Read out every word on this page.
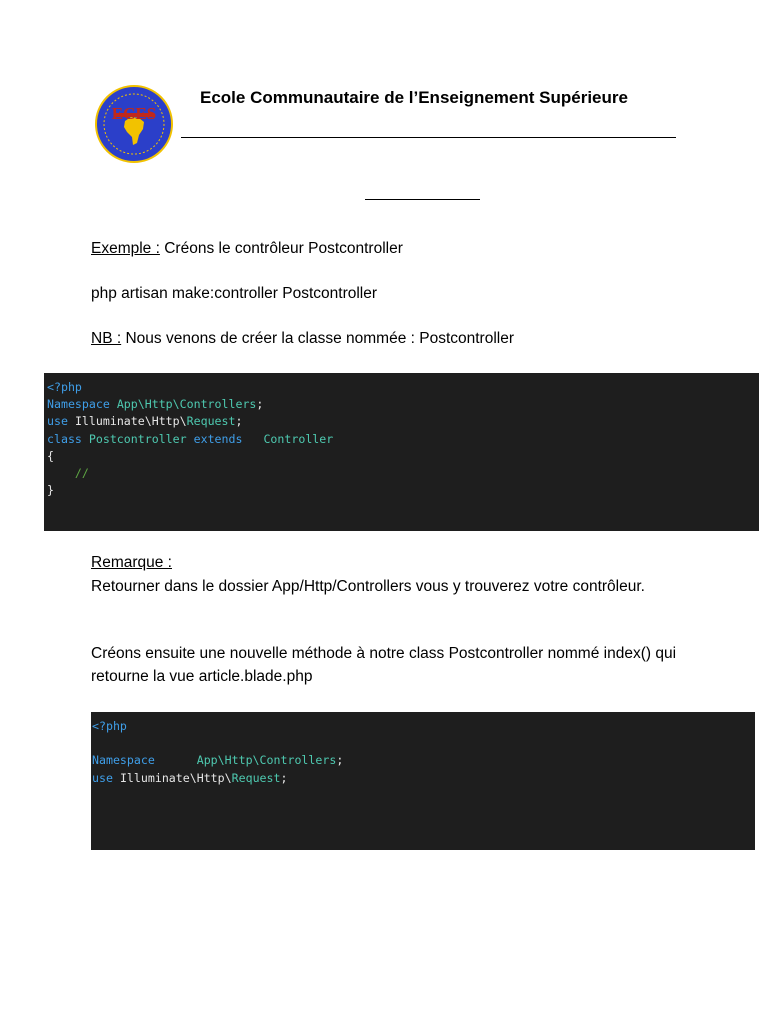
ECES
Ecole Communautaire de l’Enseignement Supérieure
Exemple : Créons le contrôleur Postcontroller
php artisan make:controller Postcontroller
NB : Nous venons de créer la classe nommée : Postcontroller
<?php
Namespace App\Http\Controllers;
use Illuminate\Http\Request;
class Postcontroller extends Controller
{
//
}
Remarque :
Retourner dans le dossier App/Http/Controllers vous y trouverez votre contrôleur.
Créons ensuite une nouvelle méthode à notre class Postcontroller nommé index() qui retourne la vue article.blade.php
<?php

Namespace	App\Http\Controllers;
use Illuminate\Http\Request;
